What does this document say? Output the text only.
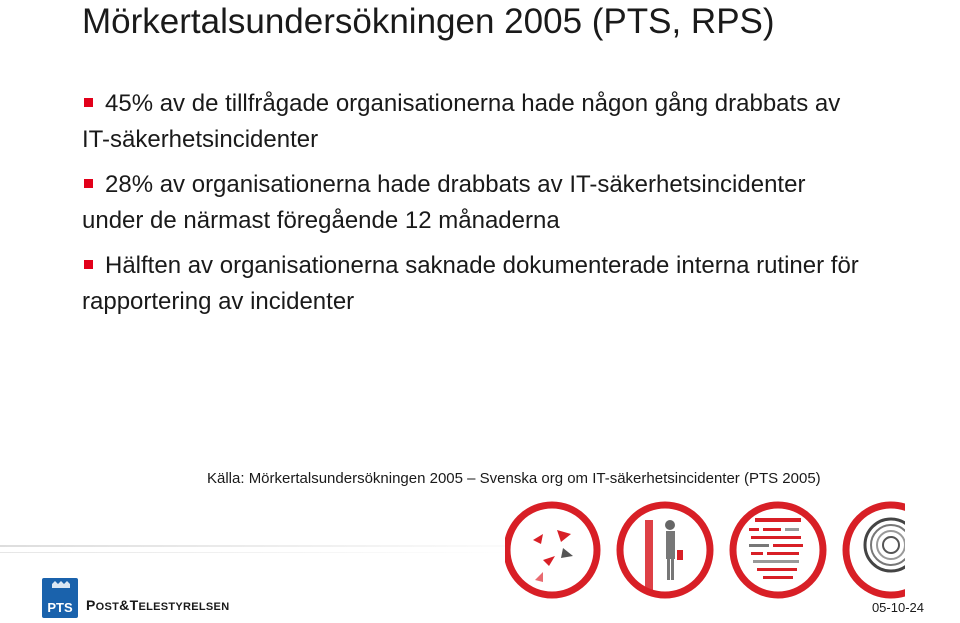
Mörkertalsundersökningen 2005 (PTS, RPS)

45% av de tillfrågade organisationerna hade någon gång drabbats av IT-säkerhetsincidenter

28% av organisationerna hade drabbats av IT-säkerhetsincidenter under de närmast föregående 12 månaderna

Hälften av organisationerna saknade dokumenterade interna rutiner för rapportering av incidenter

Källa: Mörkertalsundersökningen 2005 – Svenska org om IT-säkerhetsincidenter (PTS 2005)
PTS POST&TELESTYRELSEN	05-10-24
